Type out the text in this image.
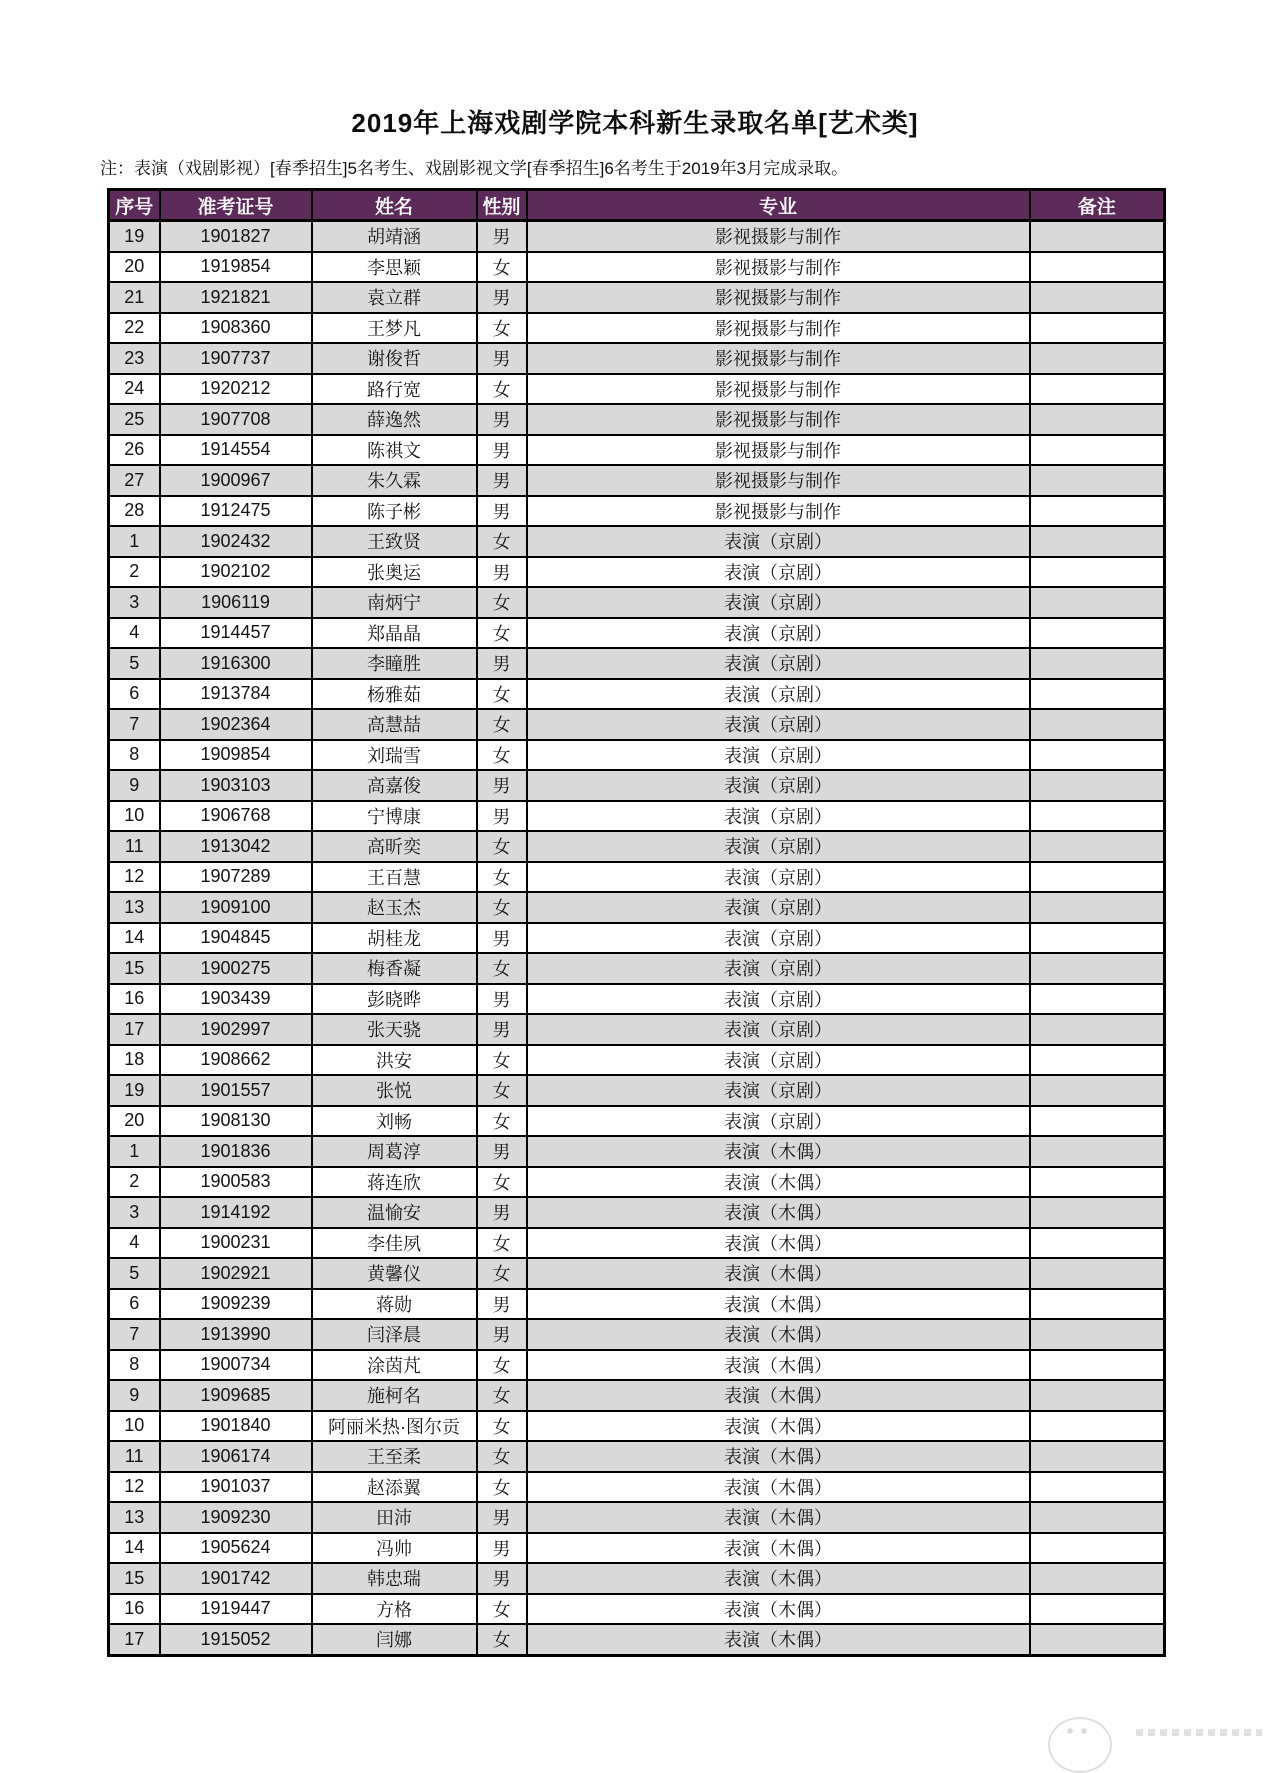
2019年上海戏剧学院本科新生录取名单[艺术类]
注：表演（戏剧影视）[春季招生]5名考生、戏剧影视文学[春季招生]6名考生于2019年3月完成录取。
序号	准考证号	姓名	性别	专业	备注
19	1901827	胡靖涵	男	影视摄影与制作	
20	1919854	李思颖	女	影视摄影与制作	
21	1921821	袁立群	男	影视摄影与制作	
22	1908360	王梦凡	女	影视摄影与制作	
23	1907737	谢俊哲	男	影视摄影与制作	
24	1920212	路行宽	女	影视摄影与制作	
25	1907708	薛逸然	男	影视摄影与制作	
26	1914554	陈祺文	男	影视摄影与制作	
27	1900967	朱久霖	男	影视摄影与制作	
28	1912475	陈子彬	男	影视摄影与制作	
1	1902432	王致贤	女	表演（京剧）	
2	1902102	张奥运	男	表演（京剧）	
3	1906119	南炳宁	女	表演（京剧）	
4	1914457	郑晶晶	女	表演（京剧）	
5	1916300	李瞳胜	男	表演（京剧）	
6	1913784	杨雅茹	女	表演（京剧）	
7	1902364	高慧喆	女	表演（京剧）	
8	1909854	刘瑞雪	女	表演（京剧）	
9	1903103	高嘉俊	男	表演（京剧）	
10	1906768	宁博康	男	表演（京剧）	
11	1913042	高昕奕	女	表演（京剧）	
12	1907289	王百慧	女	表演（京剧）	
13	1909100	赵玉杰	女	表演（京剧）	
14	1904845	胡桂龙	男	表演（京剧）	
15	1900275	梅香凝	女	表演（京剧）	
16	1903439	彭晓晔	男	表演（京剧）	
17	1902997	张天骁	男	表演（京剧）	
18	1908662	洪安	女	表演（京剧）	
19	1901557	张悦	女	表演（京剧）	
20	1908130	刘畅	女	表演（京剧）	
1	1901836	周葛淳	男	表演（木偶）	
2	1900583	蒋连欣	女	表演（木偶）	
3	1914192	温愉安	男	表演（木偶）	
4	1900231	李佳夙	女	表演（木偶）	
5	1902921	黄馨仪	女	表演（木偶）	
6	1909239	蒋勋	男	表演（木偶）	
7	1913990	闫泽晨	男	表演（木偶）	
8	1900734	涂茵芃	女	表演（木偶）	
9	1909685	施柯名	女	表演（木偶）	
10	1901840	阿丽米热·图尔贡	女	表演（木偶）	
11	1906174	王至柔	女	表演（木偶）	
12	1901037	赵添翼	女	表演（木偶）	
13	1909230	田沛	男	表演（木偶）	
14	1905624	冯帅	男	表演（木偶）	
15	1901742	韩忠瑞	男	表演（木偶）	
16	1919447	方格	女	表演（木偶）	
17	1915052	闫娜	女	表演（木偶）	
